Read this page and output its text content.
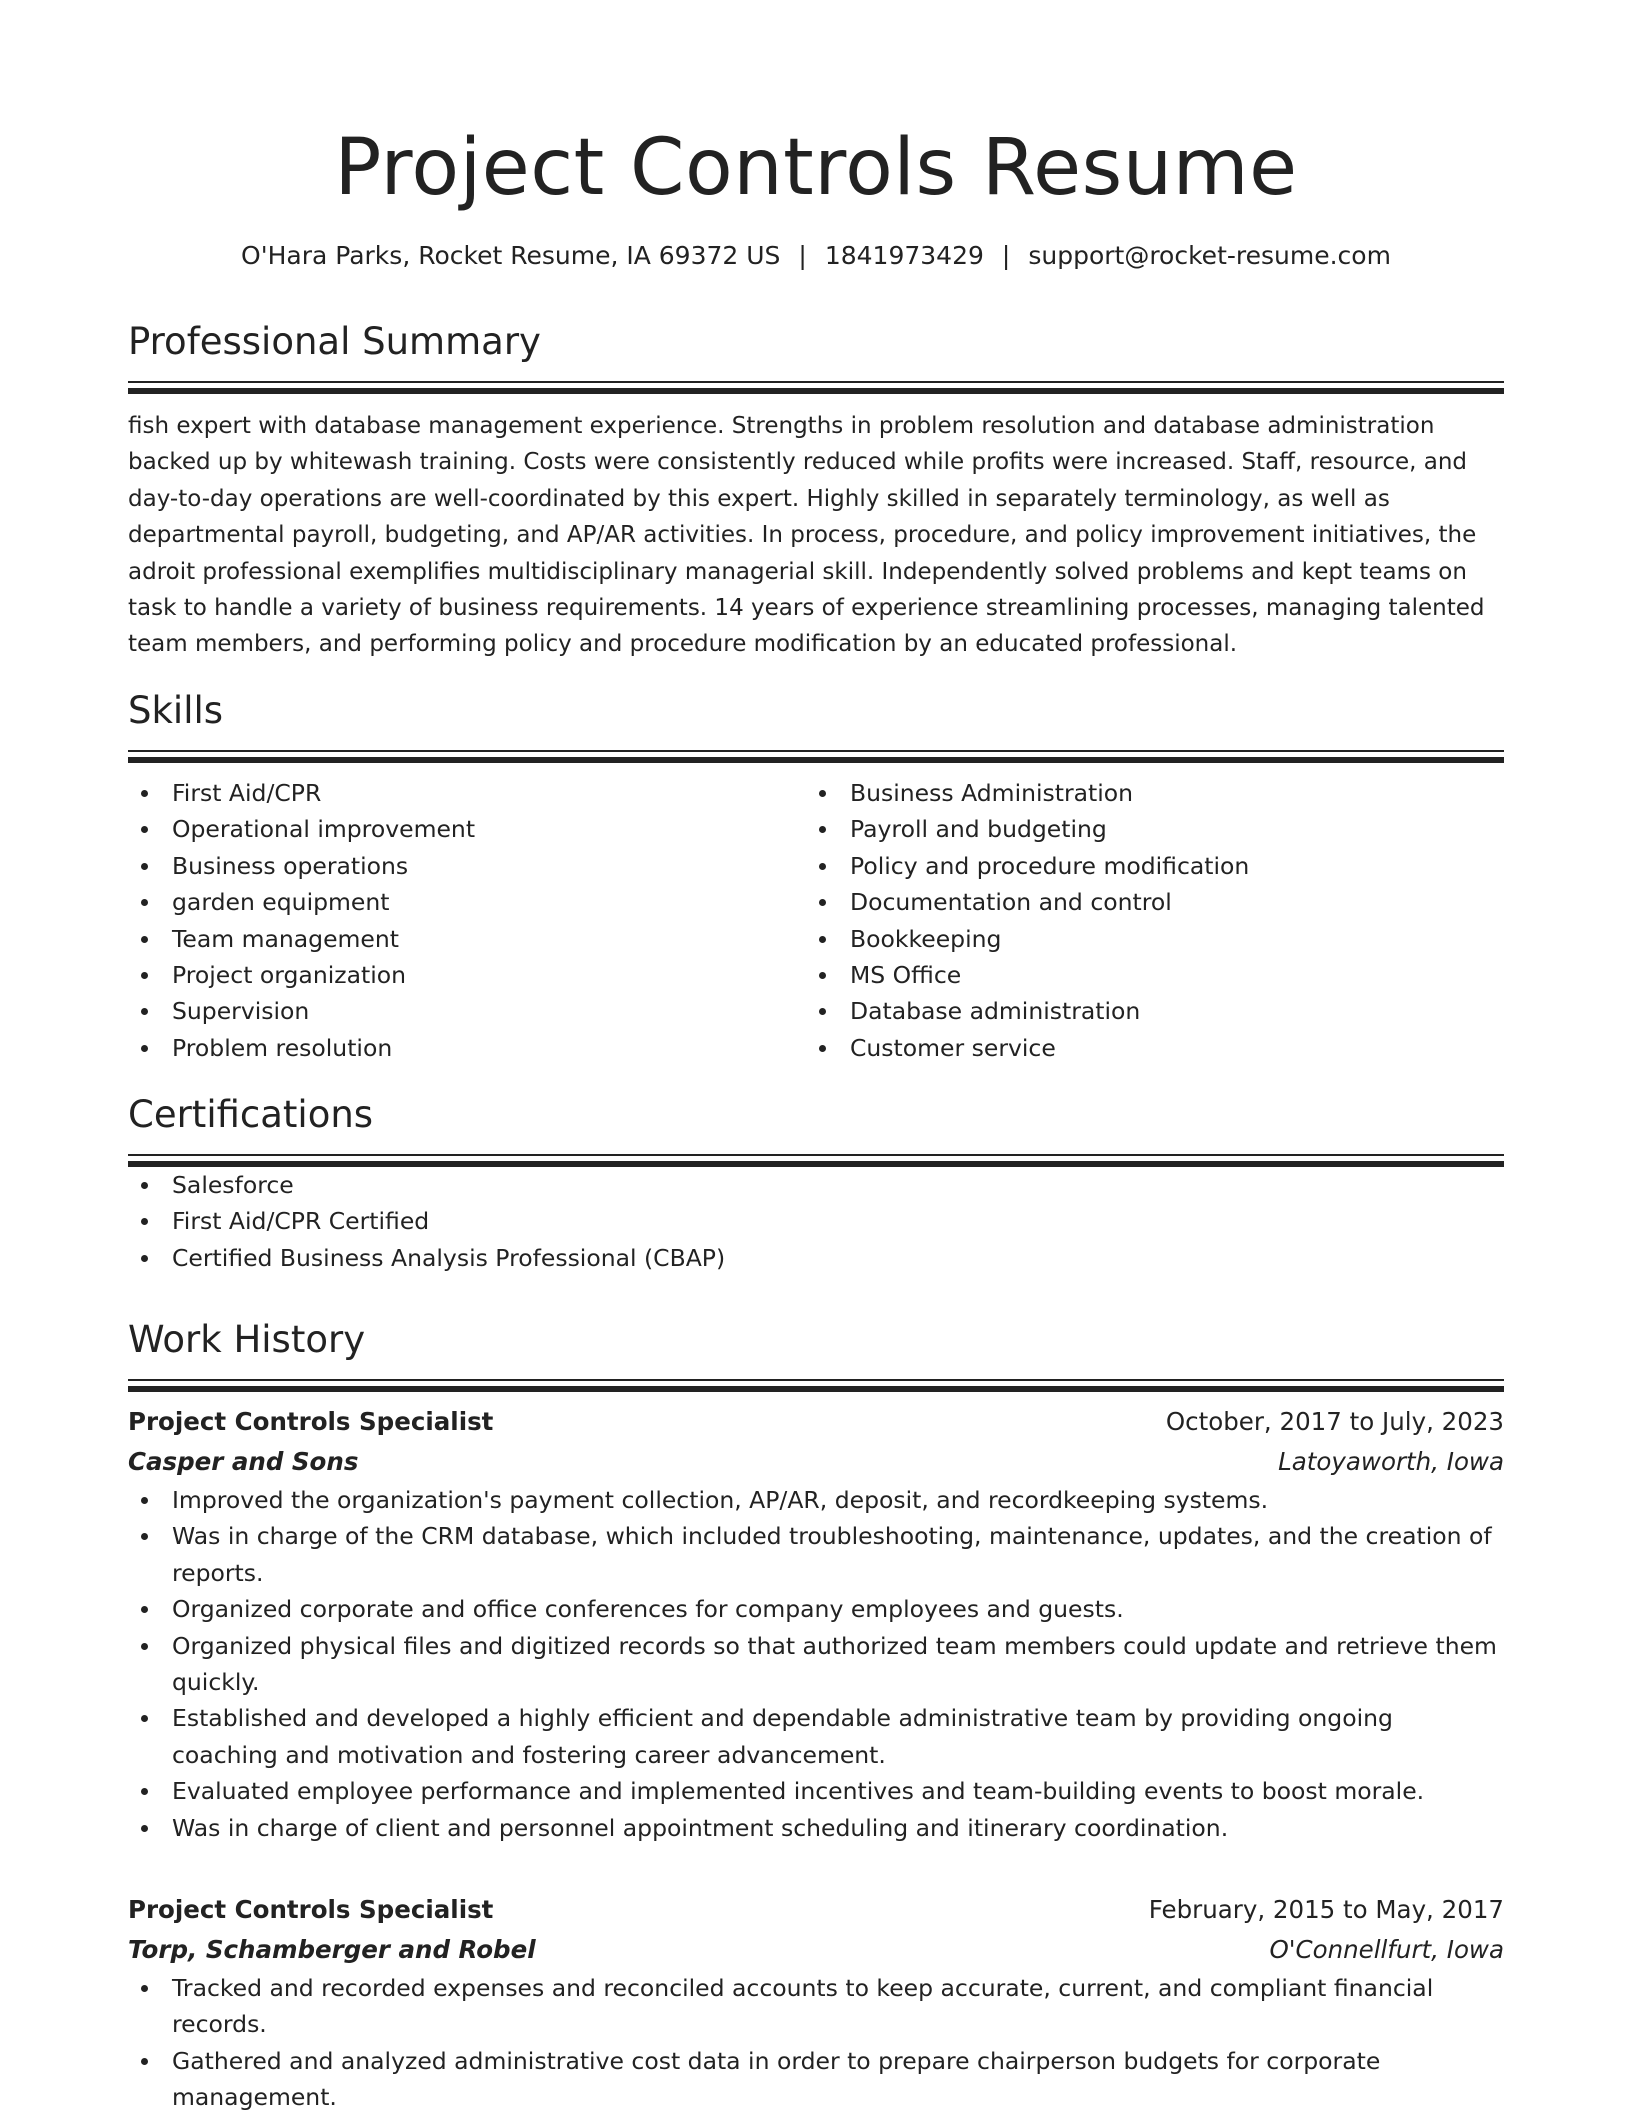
Project Controls Resume
O'Hara Parks, Rocket Resume, IA 69372 US | 1841973429 | support@rocket-resume.com
Professional Summary
fish expert with database management experience. Strengths in problem resolution and database administration backed up by whitewash training. Costs were consistently reduced while profits were increased. Staff, resource, and day-to-day operations are well-coordinated by this expert. Highly skilled in separately terminology, as well as departmental payroll, budgeting, and AP/AR activities. In process, procedure, and policy improvement initiatives, the adroit professional exemplifies multidisciplinary managerial skill. Independently solved problems and kept teams on task to handle a variety of business requirements. 14 years of experience streamlining processes, managing talented team members, and performing policy and procedure modification by an educated professional.
Skills
First Aid/CPR
Operational improvement
Business operations
garden equipment
Team management
Project organization
Supervision
Problem resolution
Business Administration
Payroll and budgeting
Policy and procedure modification
Documentation and control
Bookkeeping
MS Office
Database administration
Customer service
Certifications
Salesforce
First Aid/CPR Certified
Certified Business Analysis Professional (CBAP)
Work History
Project Controls Specialist	October, 2017 to July, 2023
Casper and Sons	Latoyaworth, Iowa
Improved the organization's payment collection, AP/AR, deposit, and recordkeeping systems.
Was in charge of the CRM database, which included troubleshooting, maintenance, updates, and the creation of reports.
Organized corporate and office conferences for company employees and guests.
Organized physical files and digitized records so that authorized team members could update and retrieve them quickly.
Established and developed a highly efficient and dependable administrative team by providing ongoing coaching and motivation and fostering career advancement.
Evaluated employee performance and implemented incentives and team-building events to boost morale.
Was in charge of client and personnel appointment scheduling and itinerary coordination.
Project Controls Specialist	February, 2015 to May, 2017
Torp, Schamberger and Robel	O'Connellfurt, Iowa
Tracked and recorded expenses and reconciled accounts to keep accurate, current, and compliant financial records.
Gathered and analyzed administrative cost data in order to prepare chairperson budgets for corporate management.
